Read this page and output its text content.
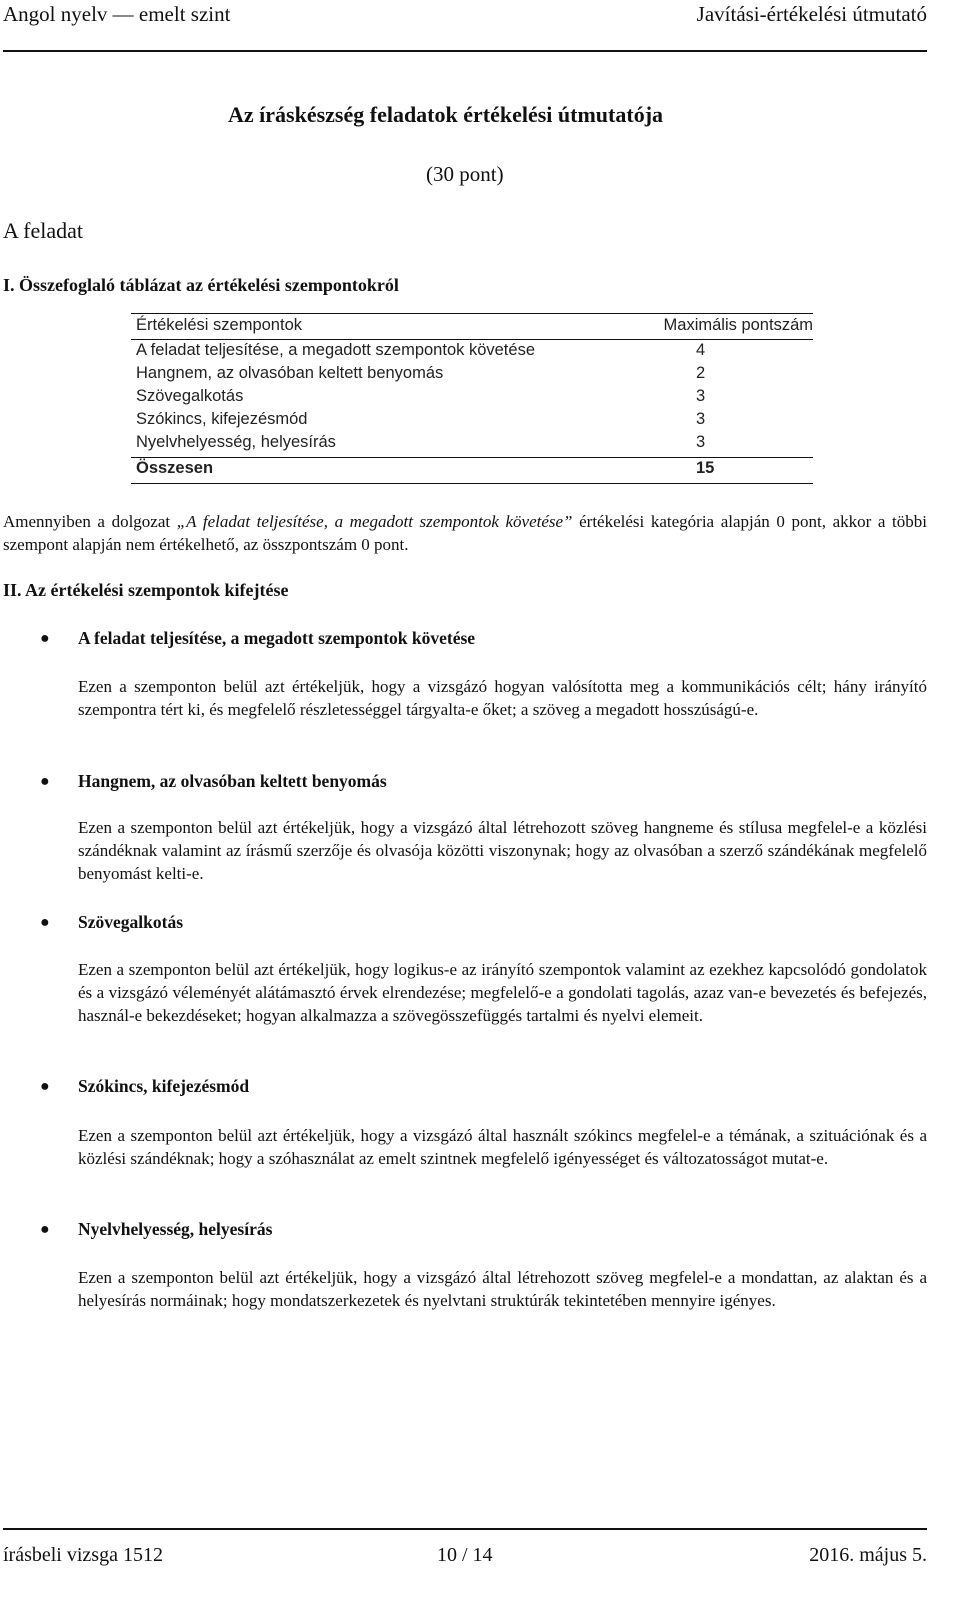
Angol nyelv — emelt szint	Javítási-értékelési útmutató
Az íráskészség feladatok értékelési útmutatója
(30 pont)
A feladat
I. Összefoglaló táblázat az értékelési szempontokról
Értékelési szempontok	Maximális pontszám
A feladat teljesítése, a megadott szempontok követése	4
Hangnem, az olvasóban keltett benyomás	2
Szövegalkotás	3
Szókincs, kifejezésmód	3
Nyelvhelyesség, helyesírás	3
Összesen	15
Amennyiben a dolgozat „A feladat teljesítése, a megadott szempontok követése” értékelési kategória alapján 0 pont, akkor a többi szempont alapján nem értékelhető, az összpontszám 0 pont.
II. Az értékelési szempontok kifejtése
● A feladat teljesítése, a megadott szempontok követése
Ezen a szemponton belül azt értékeljük, hogy a vizsgázó hogyan valósította meg a kommunikációs célt; hány irányító szempontra tért ki, és megfelelő részletességgel tárgyalta-e őket; a szöveg a megadott hosszúságú-e.
● Hangnem, az olvasóban keltett benyomás
Ezen a szemponton belül azt értékeljük, hogy a vizsgázó által létrehozott szöveg hangneme és stílusa megfelel-e a közlési szándéknak valamint az írásmű szerzője és olvasója közötti viszonynak; hogy az olvasóban a szerző szándékának megfelelő benyomást kelti-e.
● Szövegalkotás
Ezen a szemponton belül azt értékeljük, hogy logikus-e az irányító szempontok valamint az ezekhez kapcsolódó gondolatok és a vizsgázó véleményét alátámasztó érvek elrendezése; megfelelő-e a gondolati tagolás, azaz van-e bevezetés és befejezés, használ-e bekezdéseket; hogyan alkalmazza a szövegösszefüggés tartalmi és nyelvi elemeit.
● Szókincs, kifejezésmód
Ezen a szemponton belül azt értékeljük, hogy a vizsgázó által használt szókincs megfelel-e a témának, a szituációnak és a közlési szándéknak; hogy a szóhasználat az emelt szintnek megfelelő igényességet és változatosságot mutat-e.
● Nyelvhelyesség, helyesírás
Ezen a szemponton belül azt értékeljük, hogy a vizsgázó által létrehozott szöveg megfelel-e a mondattan, az alaktan és a helyesírás normáinak; hogy mondatszerkezetek és nyelvtani struktúrák tekintetében mennyire igényes.
írásbeli vizsga 1512	10 / 14	2016. május 5.
